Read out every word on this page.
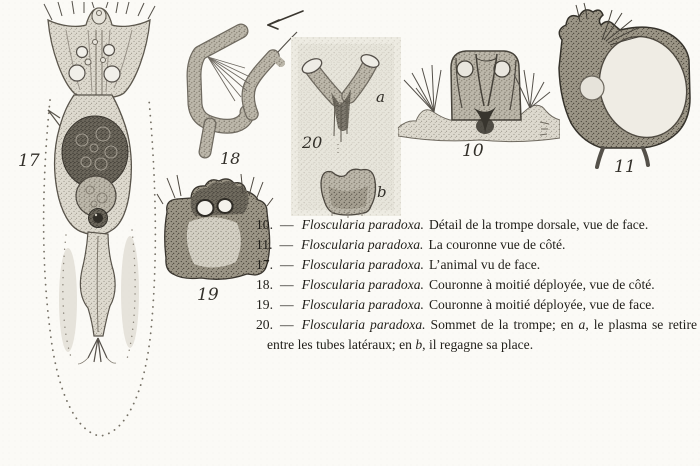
17	18
a
20
b
10
11
19

10. — Floscularia paradoxa. Détail de la trompe dorsale, vue de face.

11. — Floscularia paradoxa. La couronne vue de côté.

17. — Floscularia paradoxa. L’animal vu de face.

18. — Floscularia paradoxa. Couronne à moitié déployée, vue de côté.

19. — Floscularia paradoxa. Couronne à moitié déployée, vue de face.

20. — Floscularia paradoxa. Sommet de la trompe; en a, le plasma se retire entre les tubes latéraux; en b, il regagne sa place.
